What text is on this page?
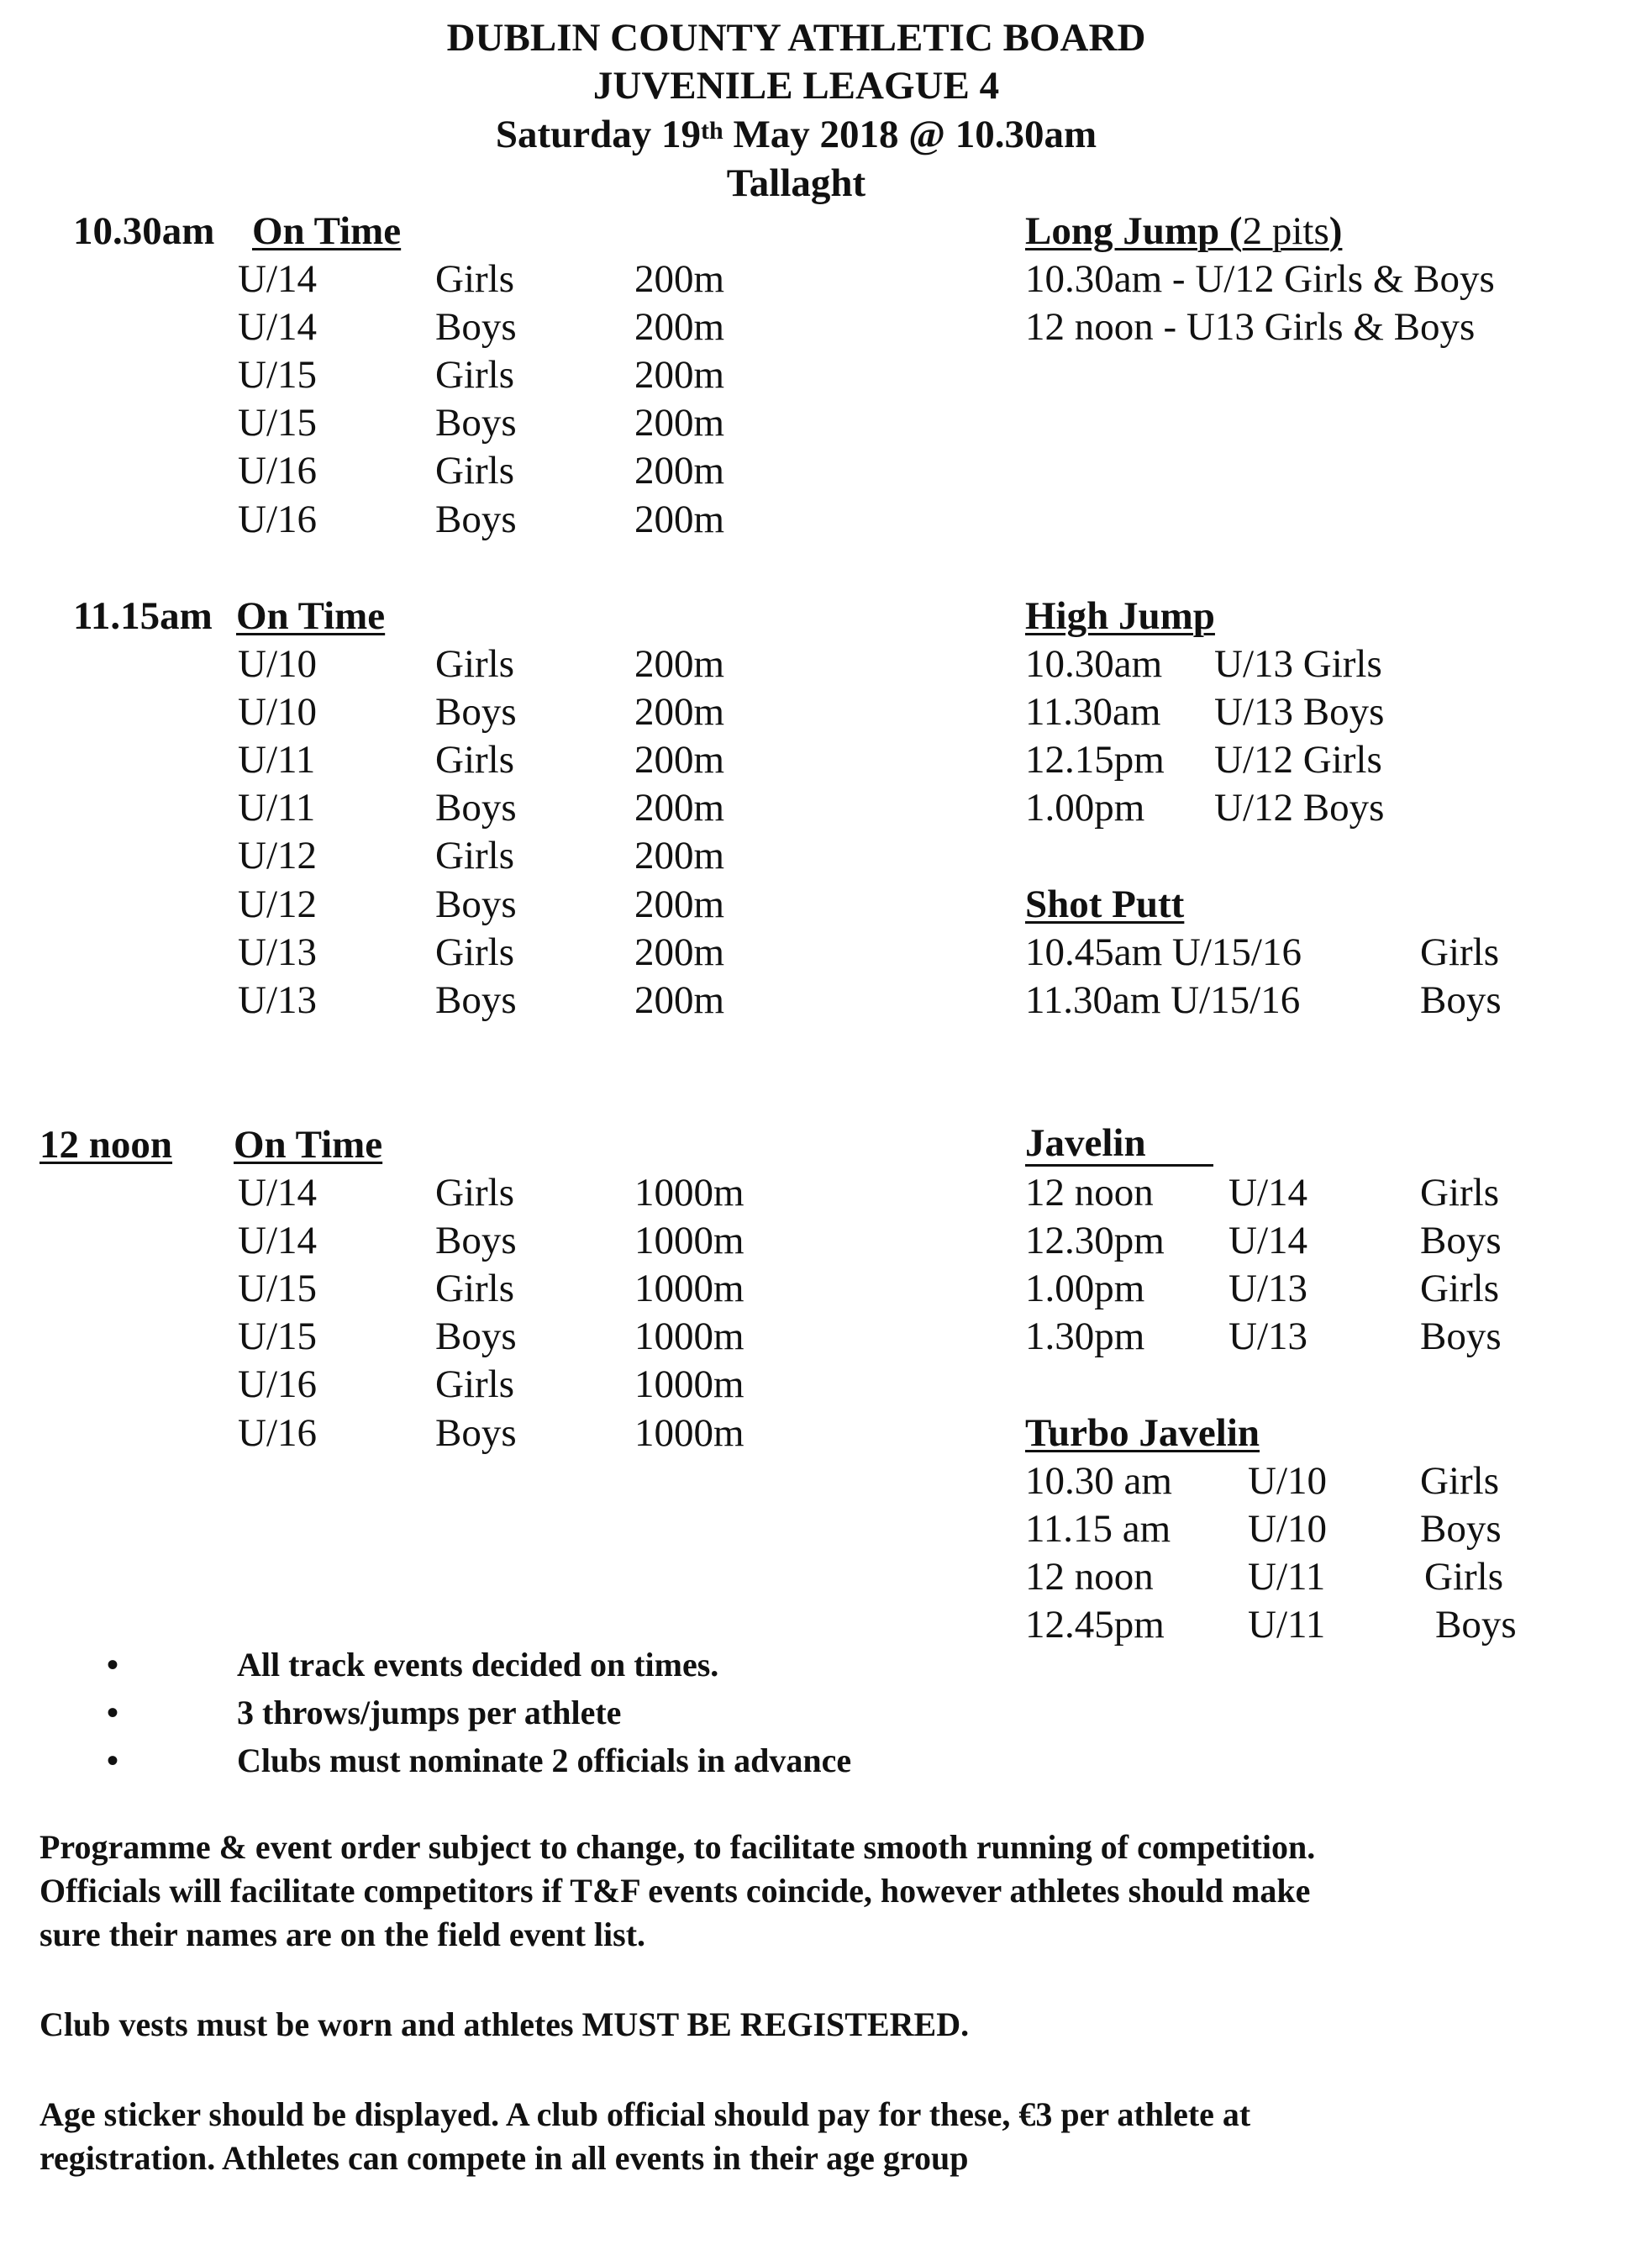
DUBLIN COUNTY ATHLETIC BOARD
JUVENILE LEAGUE 4
Saturday 19th May 2018 @ 10.30am
Tallaght
10.30am On Time
U/14	Girls	200m
U/14	Boys	200m
U/15	Girls	200m
U/15	Boys	200m
U/16	Girls	200m
U/16	Boys	200m
11.15am On Time
U/10	Girls	200m
U/10	Boys	200m
U/11	Girls	200m
U/11	Boys	200m
U/12	Girls	200m
U/12	Boys	200m
U/13	Girls	200m
U/13	Boys	200m
12 noon On Time
U/14	Girls	1000m
U/14	Boys	1000m
U/15	Girls	1000m
U/15	Boys	1000m
U/16	Girls	1000m
U/16	Boys	1000m
Long Jump (2 pits)
10.30am - U/12 Girls & Boys
12 noon - U13 Girls & Boys
High Jump
10.30am U/13 Girls
11.30am U/13 Boys
12.15pm U/12 Girls
1.00pm U/12 Boys
Shot Putt
10.45am U/15/16	Girls
11.30am U/15/16	Boys
Javelin
12 noon U/14	Girls
12.30pm U/14	Boys
1.00pm U/13	Girls
1.30pm U/13	Boys
Turbo Javelin
10.30 am U/10 Girls
11.15 am U/10 Boys
12 noon U/11	Girls
12.45pm U/11	Boys
•	All track events decided on times.
•	3 throws/jumps per athlete
•	Clubs must nominate 2 officials in advance
Programme & event order subject to change, to facilitate smooth running of competition.
Officials will facilitate competitors if T&F events coincide, however athletes should make
sure their names are on the field event list.
Club vests must be worn and athletes MUST BE REGISTERED.
Age sticker should be displayed. A club official should pay for these, €3 per athlete at
registration. Athletes can compete in all events in their age group
